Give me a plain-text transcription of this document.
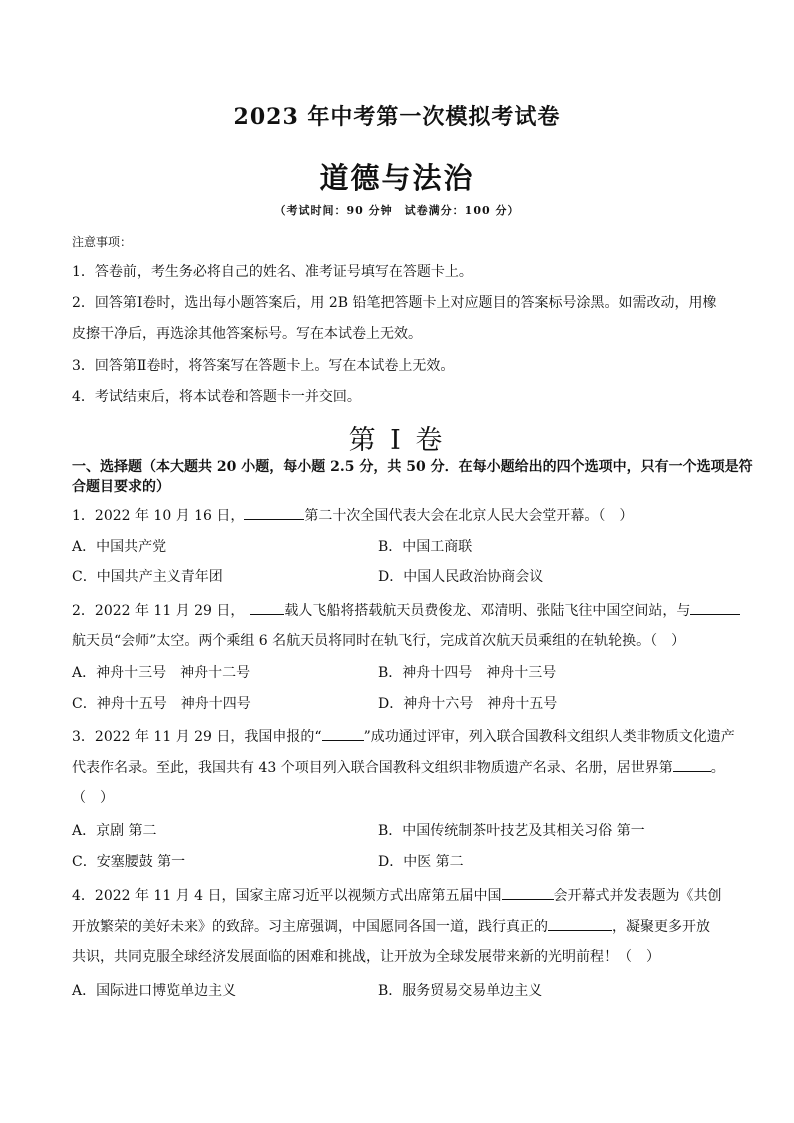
2023 年中考第一次模拟考试卷
道德与法治
（考试时间：90 分钟　试卷满分：100 分）
注意事项：
1．答卷前，考生务必将自己的姓名、准考证号填写在答题卡上。
2．回答第Ⅰ卷时，选出每小题答案后，用 2B 铅笔把答题卡上对应题目的答案标号涂黑。如需改动，用橡
皮擦干净后，再选涂其他答案标号。写在本试卷上无效。
3．回答第Ⅱ卷时，将答案写在答题卡上。写在本试卷上无效。
4．考试结束后，将本试卷和答题卡一并交回。
第 Ⅰ 卷
一、选择题（本大题共 20 小题，每小题 2.5 分，共 50 分．在每小题给出的四个选项中，只有一个选项是符
合题目要求的）
1．2022 年 10 月 16 日，	第二十次全国代表大会在北京人民大会堂开幕。（　）
A．中国共产党	B．中国工商联
C．中国共产主义青年团	D．中国人民政治协商会议
2．2022 年 11 月 29 日，	载人飞船将搭载航天员费俊龙、邓清明、张陆飞往中国空间站，与
航天员“会师”太空。两个乘组 6 名航天员将同时在轨飞行，完成首次航天员乘组的在轨轮换。（　）
A．神舟十三号　神舟十二号	B．神舟十四号　神舟十三号
C．神舟十五号　神舟十四号	D．神舟十六号　神舟十五号
3．2022 年 11 月 29 日，我国申报的“	”成功通过评审，列入联合国教科文组织人类非物质文化遗产
代表作名录。至此，我国共有 43 个项目列入联合国教科文组织非物质遗产名录、名册，居世界第	。
（　）
A．京剧 第二	B．中国传统制茶叶技艺及其相关习俗 第一
C．安塞腰鼓 第一	D．中医 第二
4．2022 年 11 月 4 日，国家主席习近平以视频方式出席第五届中国	会开幕式并发表题为《共创
开放繁荣的美好未来》的致辞。习主席强调，中国愿同各国一道，践行真正的	，凝聚更多开放
共识，共同克服全球经济发展面临的困难和挑战，让开放为全球发展带来新的光明前程！（　）
A．国际进口博览单边主义	B．服务贸易交易单边主义
